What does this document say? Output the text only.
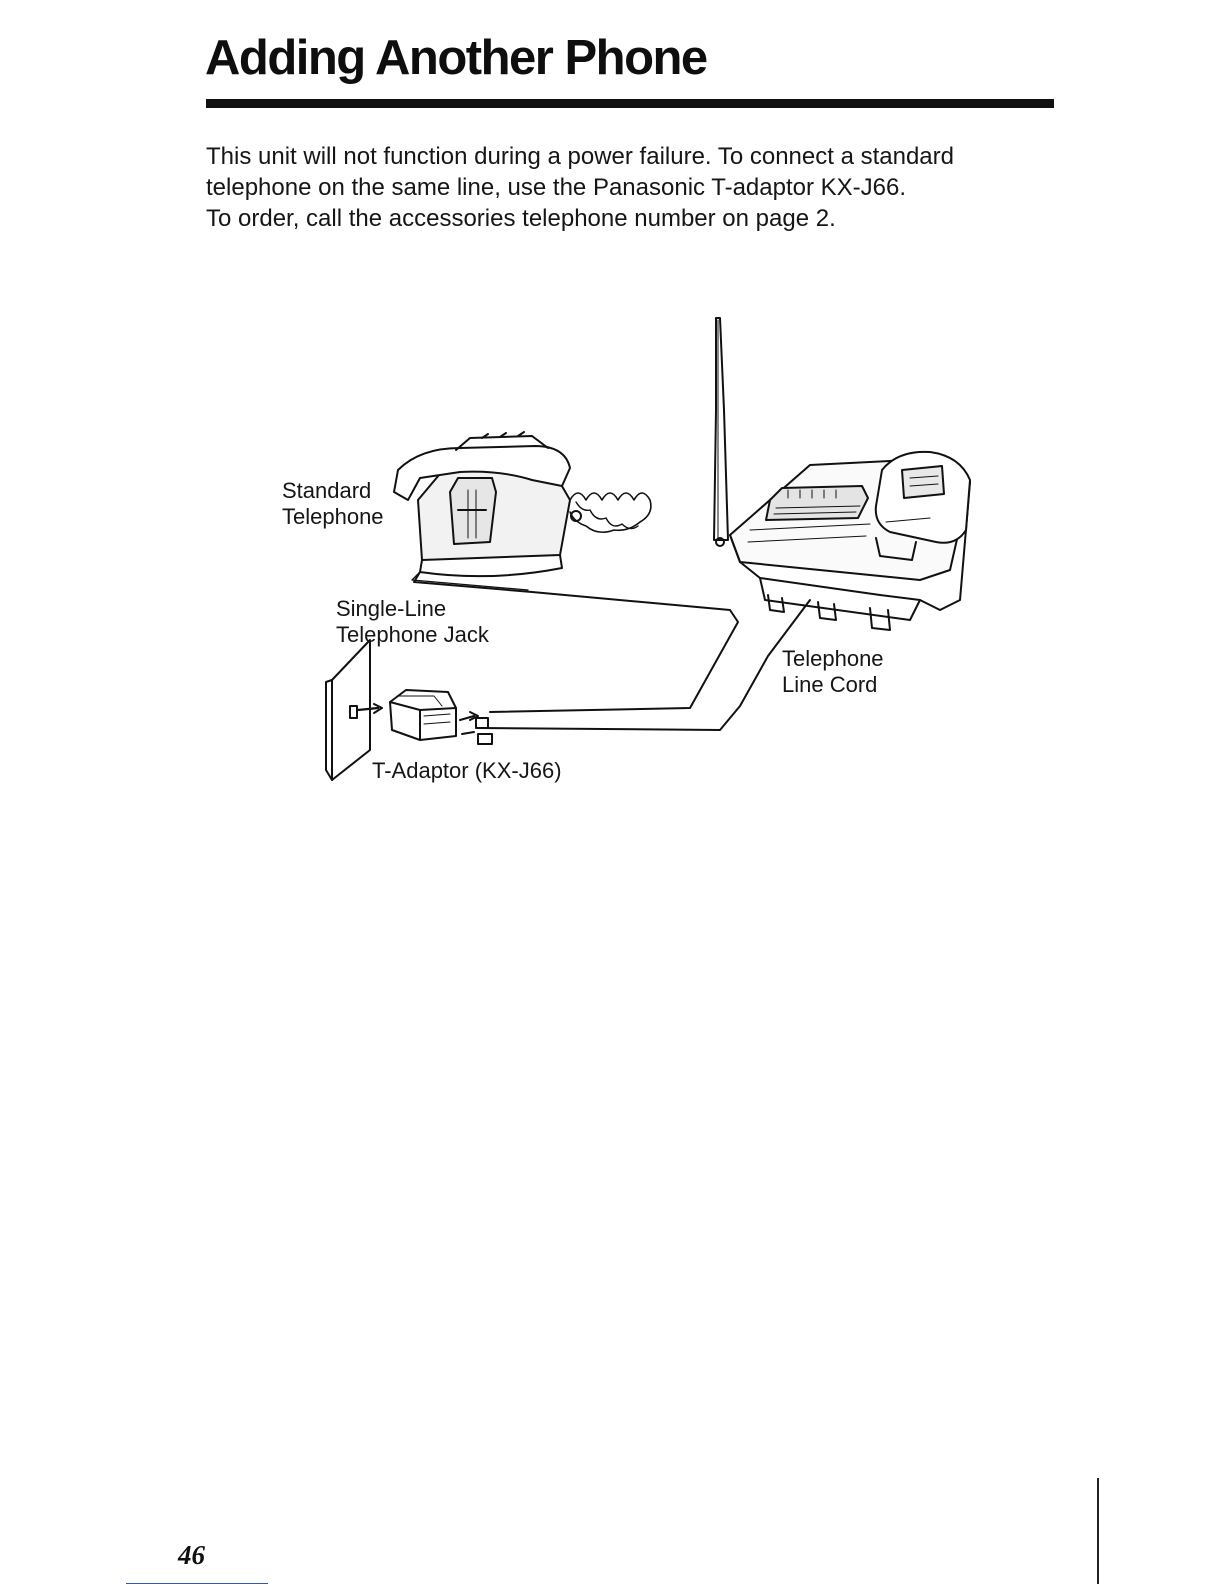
Adding Another Phone
This unit will not function during a power failure. To connect a standard
telephone on the same line, use the Panasonic T-adaptor KX-J66.
To order, call the accessories telephone number on page 2.
Standard
Telephone
Single-Line
Telephone Jack
Telephone
Line Cord
T-Adaptor (KX-J66)
46
